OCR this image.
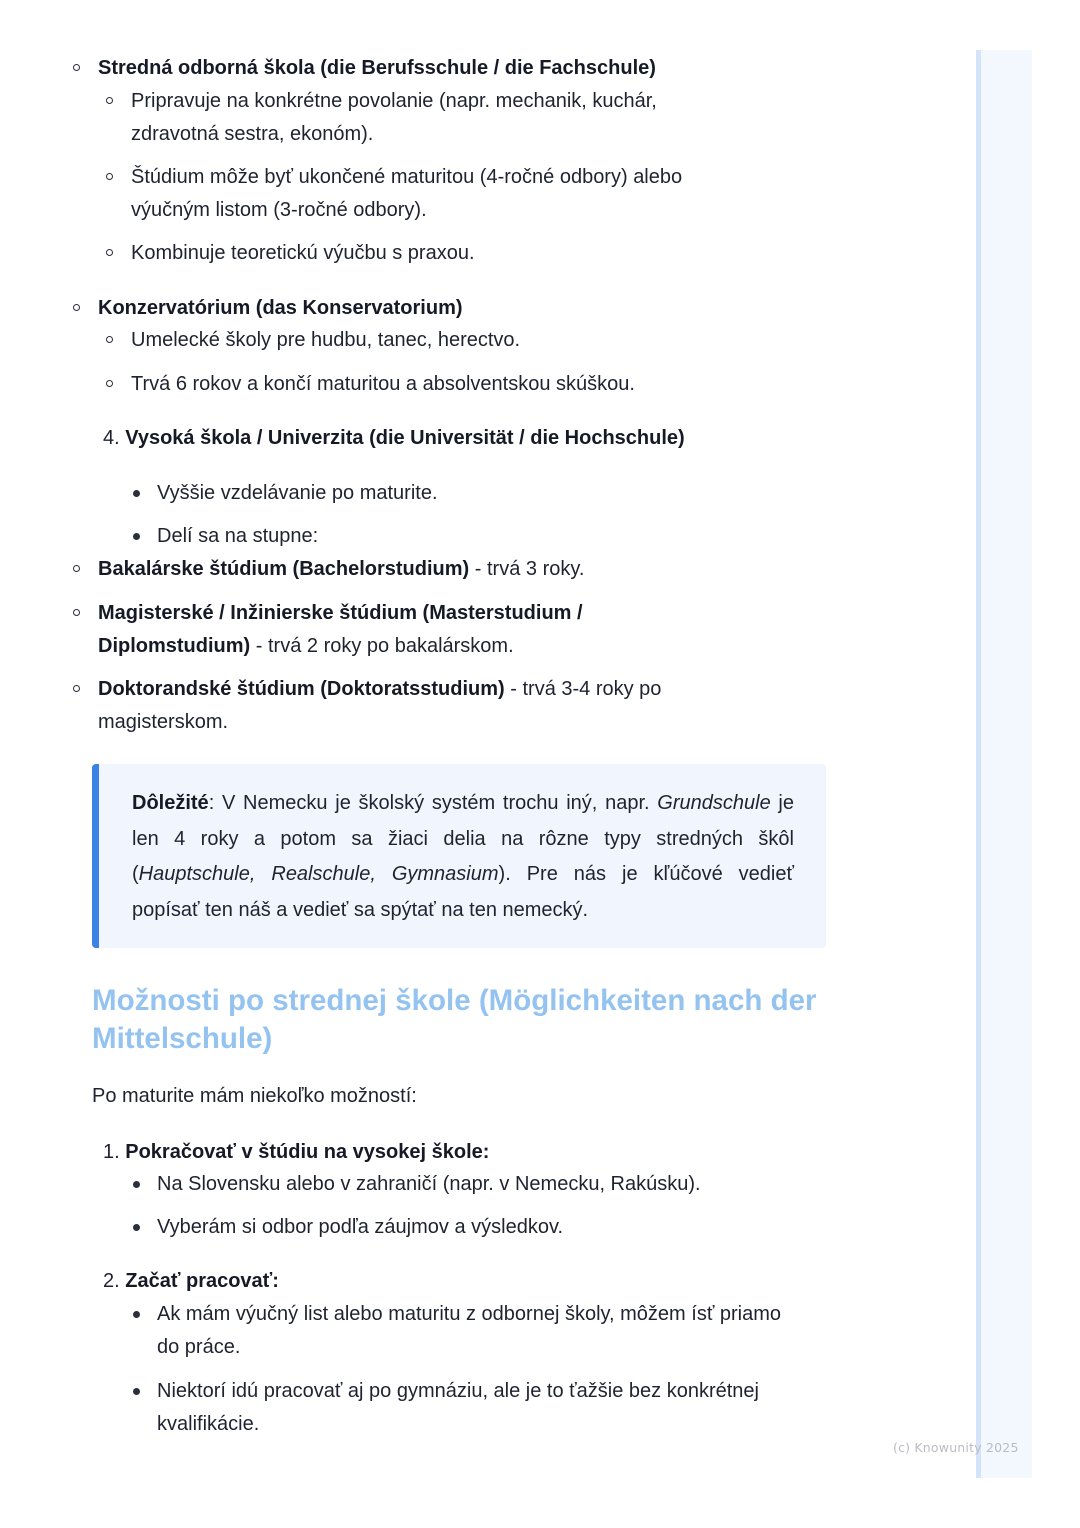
Stredná odborná škola (die Berufsschule / die Fachschule)
Pripravuje na konkrétne povolanie (napr. mechanik, kuchár,
zdravotná sestra, ekonóm).
Štúdium môže byť ukončené maturitou (4-ročné odbory) alebo
výučným listom (3-ročné odbory).
Kombinuje teoretickú výučbu s praxou.
Konzervatórium (das Konservatorium)
Umelecké školy pre hudbu, tanec, herectvo.
Trvá 6 rokov a končí maturitou a absolventskou skúškou.
4. Vysoká škola / Univerzita (die Universität / die Hochschule)
Vyššie vzdelávanie po maturite.
Delí sa na stupne:
Bakalárske štúdium (Bachelorstudium) - trvá 3 roky.
Magisterské / Inžinierske štúdium (Masterstudium /
Diplomstudium) - trvá 2 roky po bakalárskom.
Doktorandské štúdium (Doktoratsstudium) - trvá 3-4 roky po
magisterskom.
Dôležité: V Nemecku je školský systém trochu iný, napr. Grundschule je len 4 roky a potom sa žiaci delia na rôzne typy stredných škôl (Hauptschule, Realschule, Gymnasium). Pre nás je kľúčové vedieť popísať ten náš a vedieť sa spýtať na ten nemecký.
Možnosti po strednej škole (Möglichkeiten nach der Mittelschule)
Po maturite mám niekoľko možností:
1. Pokračovať v štúdiu na vysokej škole:
Na Slovensku alebo v zahraničí (napr. v Nemecku, Rakúsku).
Vyberám si odbor podľa záujmov a výsledkov.
2. Začať pracovať:
Ak mám výučný list alebo maturitu z odbornej školy, môžem ísť priamo
do práce.
Niektorí idú pracovať aj po gymnáziu, ale je to ťažšie bez konkrétnej
kvalifikácie.
(c) Knowunity 2025
